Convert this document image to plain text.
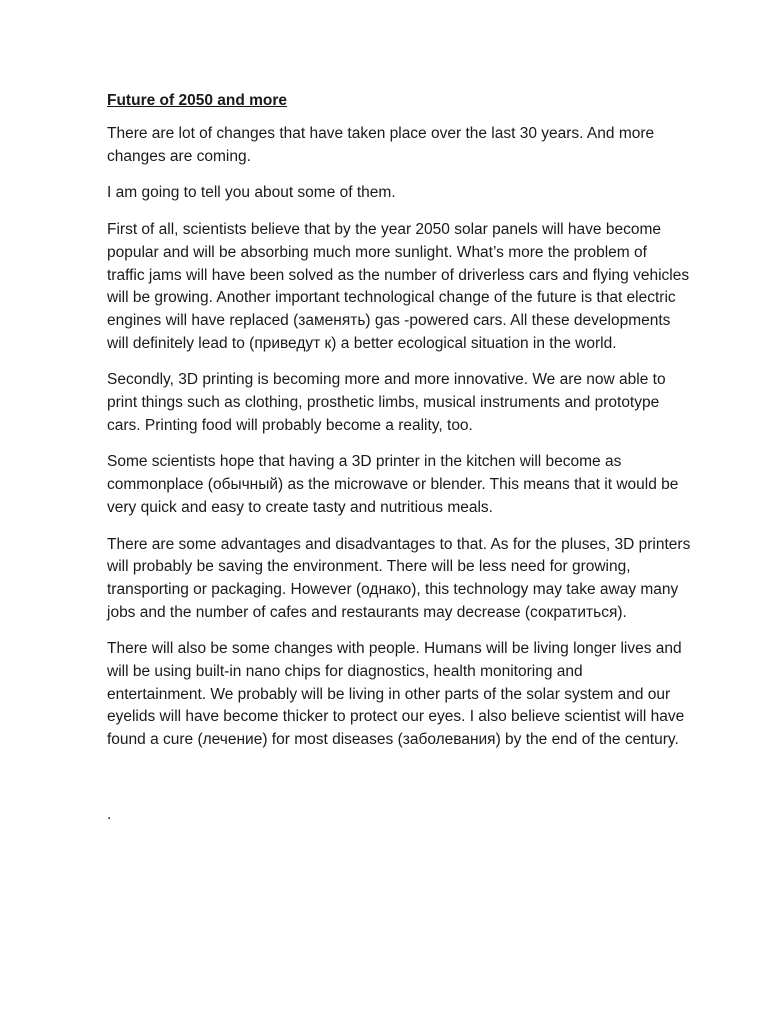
Future of 2050 and more
There are lot of changes that have taken place over the last 30 years. And more
changes are coming.
I am going to tell you about some of them.
First of all, scientists believe that by the year 2050 solar panels will have become
popular and will be absorbing much more sunlight. What’s more the problem of
traffic jams will have been solved as the number of driverless cars and flying vehicles
will be growing. Another important technological change of the future is that electric
engines will have replaced (заменять) gas -powered cars. All these developments
will definitely lead to (приведут к) a better ecological situation in the world.
Secondly, 3D printing is becoming more and more innovative. We are now able to
print things such as clothing, prosthetic limbs, musical instruments and prototype
cars. Printing food will probably become a reality, too.
Some scientists hope that having a 3D printer in the kitchen will become as
commonplace (обычный) as the microwave or blender. This means that it would be
very quick and easy to create tasty and nutritious meals.
There are some advantages and disadvantages to that. As for the pluses, 3D printers
will probably be saving the environment. There will be less need for growing,
transporting or packaging. However (однако), this technology may take away many
jobs and the number of cafes and restaurants may decrease (сократиться).
There will also be some changes with people. Humans will be living longer lives and
will be using built-in nano chips for diagnostics, health monitoring and
entertainment. We probably will be living in other parts of the solar system and our
eyelids will have become thicker to protect our eyes. I also believe scientist will have
found a cure (лечение) for most diseases (заболевания) by the end of the century.
.
